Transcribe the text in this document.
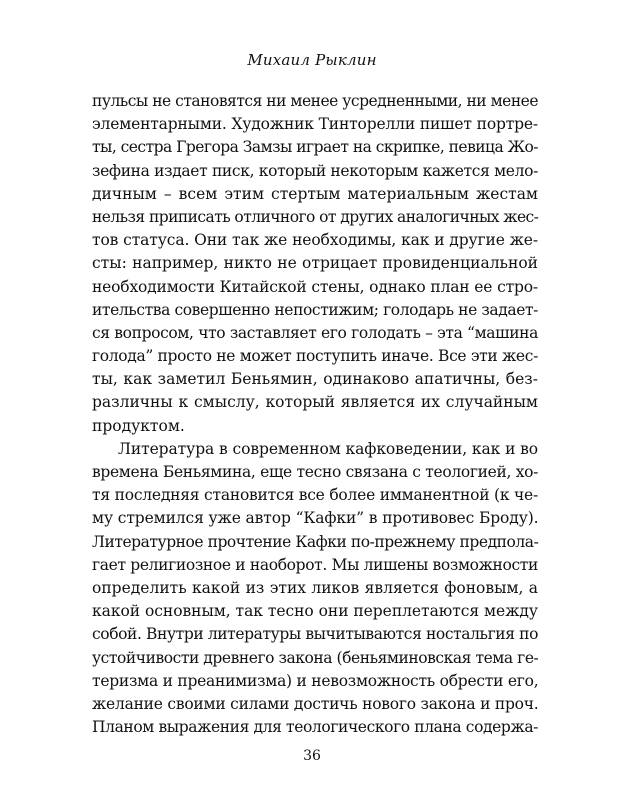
Михаил Рыклин
пульсы не становятся ни менее усредненными, ни менее
элементарными. Художник Тинторелли пишет портре-
ты, сестра Грегора Замзы играет на скрипке, певица Жо-
зефина издает писк, который некоторым кажется мело-
дичным – всем этим стертым материальным жестам
нельзя приписать отличного от других аналогичных жес-
тов статуса. Они так же необходимы, как и другие же-
сты: например, никто не отрицает провиденциальной
необходимости Китайской стены, однако план ее стро-
ительства совершенно непостижим; голодарь не задает-
ся вопросом, что заставляет его голодать – эта “машина
голода” просто не может поступить иначе. Все эти жес-
ты, как заметил Беньямин, одинаково апатичны, без-
различны к смыслу, который является их случайным
продуктом.
Литература в современном кафковедении, как и во
времена Беньямина, еще тесно связана с теологией, хо-
тя последняя становится все более имманентной (к че-
му стремился уже автор “Кафки” в противовес Броду).
Литературное прочтение Кафки по-прежнему предпола-
гает религиозное и наоборот. Мы лишены возможности
определить какой из этих ликов является фоновым, а
какой основным, так тесно они переплетаются между
собой. Внутри литературы вычитываются ностальгия по
устойчивости древнего закона (беньяминовская тема ге-
теризма и преанимизма) и невозможность обрести его,
желание своими силами достичь нового закона и проч.
Планом выражения для теологического плана содержа-
36
